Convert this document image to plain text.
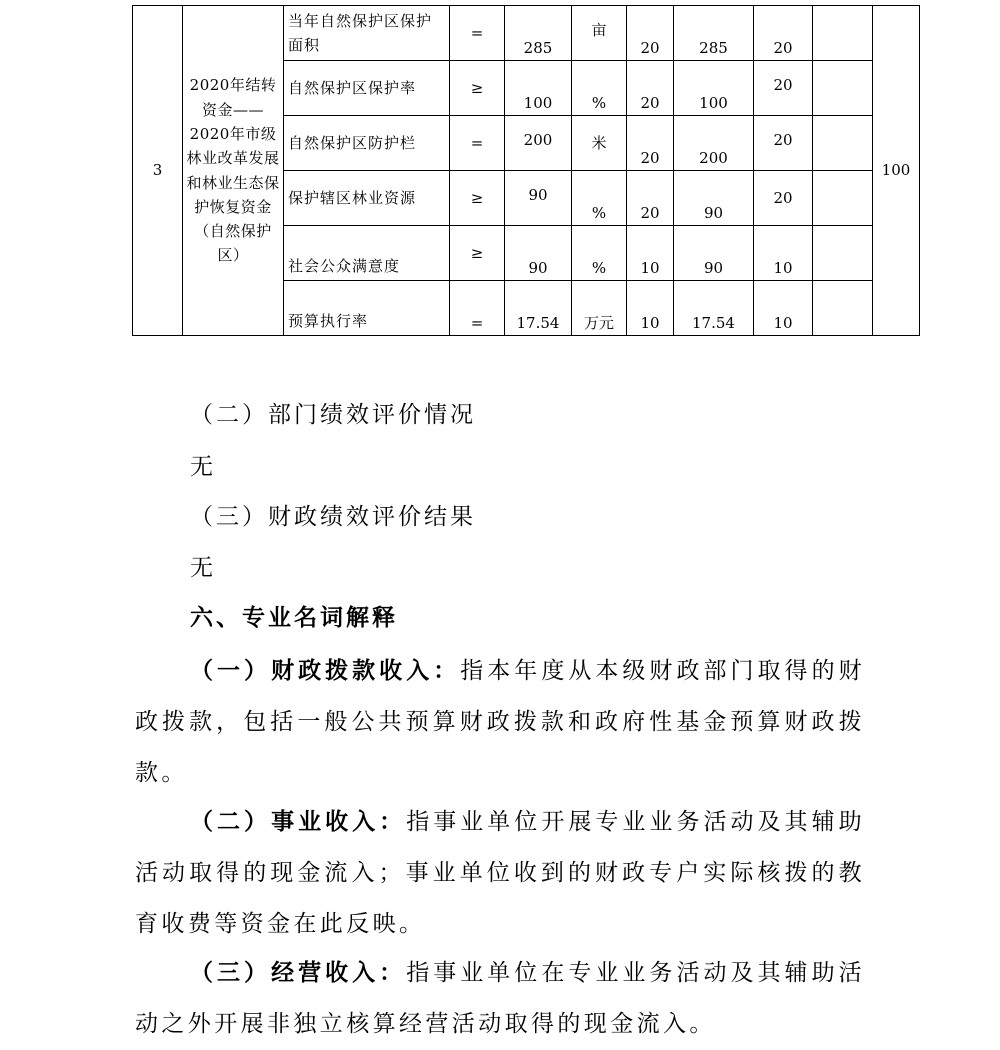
3	2020年结转资金——2020年市级林业改革发展和林业生态保护恢复资金（自然保护区）	当年自然保护区保护面积	=	285	亩	20	285	20		100
		自然保护区保护率	≥	100	%	20	100	20		
		自然保护区防护栏	=	200	米	20	200	20		
		保护辖区林业资源	≥	90	%	20	90	20		
		社会公众满意度	≥	90	%	10	90	10		
		预算执行率	=	17.54	万元	10	17.54	10		
（二）部门绩效评价情况
无
（三）财政绩效评价结果
无
六、专业名词解释

（一）财政拨款收入：指本年度从本级财政部门取得的财政拨款，包括一般公共预算财政拨款和政府性基金预算财政拨款。

（二）事业收入：指事业单位开展专业业务活动及其辅助活动取得的现金流入；事业单位收到的财政专户实际核拨的教育收费等资金在此反映。

（三）经营收入：指事业单位在专业业务活动及其辅助活动之外开展非独立核算经营活动取得的现金流入。
